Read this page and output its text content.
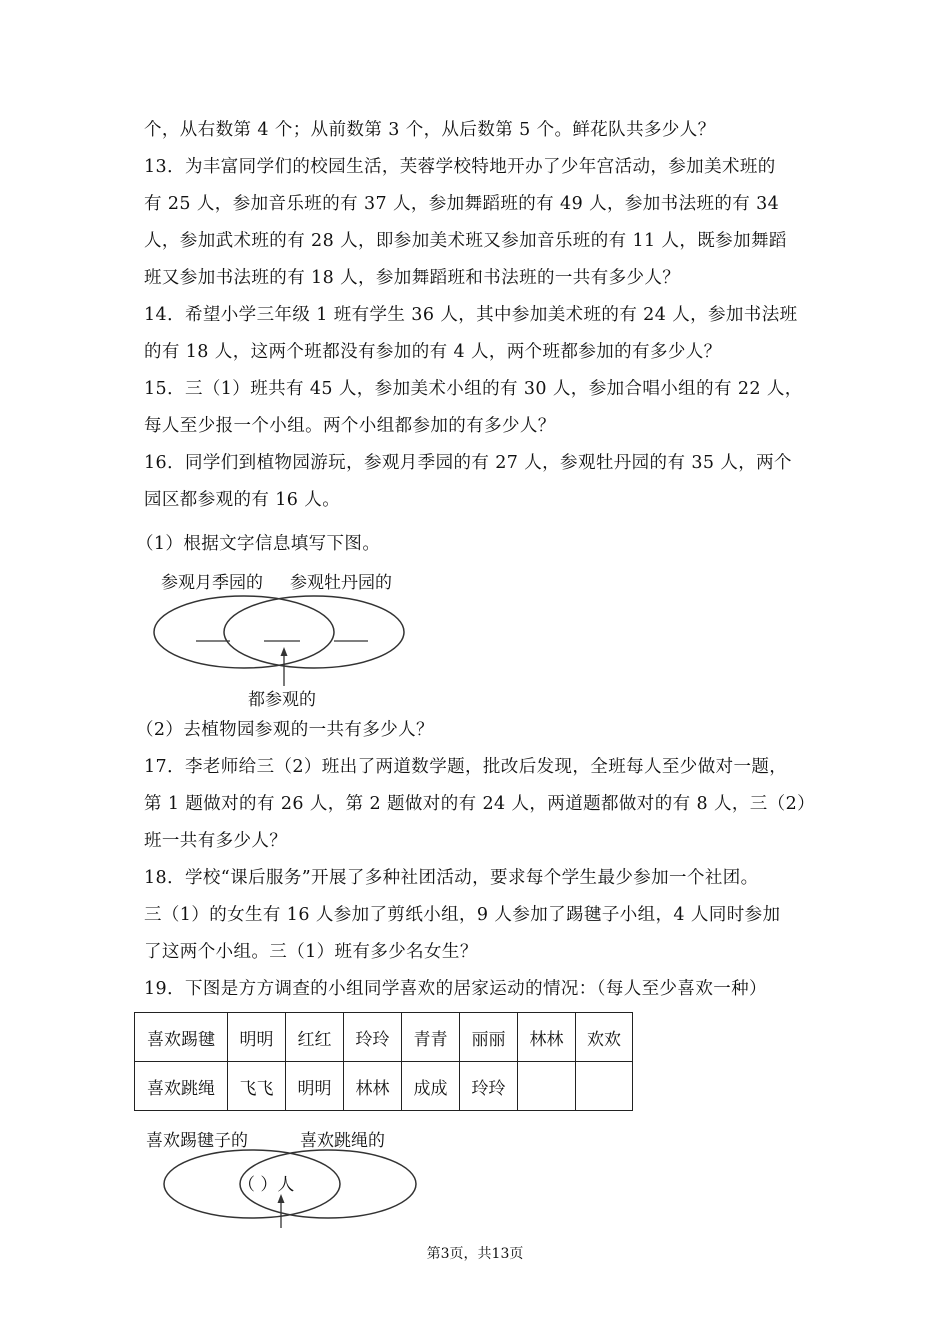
个，从右数第 4 个；从前数第 3 个，从后数第 5 个。鲜花队共多少人？
13．为丰富同学们的校园生活，芙蓉学校特地开办了少年宫活动，参加美术班的
有 25 人，参加音乐班的有 37 人，参加舞蹈班的有 49 人，参加书法班的有 34
人，参加武术班的有 28 人，即参加美术班又参加音乐班的有 11 人，既参加舞蹈
班又参加书法班的有 18 人，参加舞蹈班和书法班的一共有多少人？
14．希望小学三年级 1 班有学生 36 人，其中参加美术班的有 24 人，参加书法班
的有 18 人，这两个班都没有参加的有 4 人，两个班都参加的有多少人？
15．三（1）班共有 45 人，参加美术小组的有 30 人，参加合唱小组的有 22 人，
每人至少报一个小组。两个小组都参加的有多少人？
16．同学们到植物园游玩，参观月季园的有 27 人，参观牡丹园的有 35 人，两个
园区都参观的有 16 人。
（1）根据文字信息填写下图。
参观月季园的 参观牡丹园的
都参观的
（2）去植物园参观的一共有多少人？
17．李老师给三（2）班出了两道数学题，批改后发现，全班每人至少做对一题，
第 1 题做对的有 26 人，第 2 题做对的有 24 人，两道题都做对的有 8 人，三（2）
班一共有多少人？
18．学校“课后服务”开展了多种社团活动，要求每个学生最少参加一个社团。
三（1）的女生有 16 人参加了剪纸小组，9 人参加了踢毽子小组，4 人同时参加
了这两个小组。三（1）班有多少名女生？
19．下图是方方调查的小组同学喜欢的居家运动的情况：（每人至少喜欢一种）
喜欢踢毽	明明	红红	玲玲	青青	丽丽	林林	欢欢
喜欢跳绳	飞飞	明明	林林	成成	玲玲		
喜欢踢毽子的	喜欢跳绳的
（ ）人
第3页，共13页
